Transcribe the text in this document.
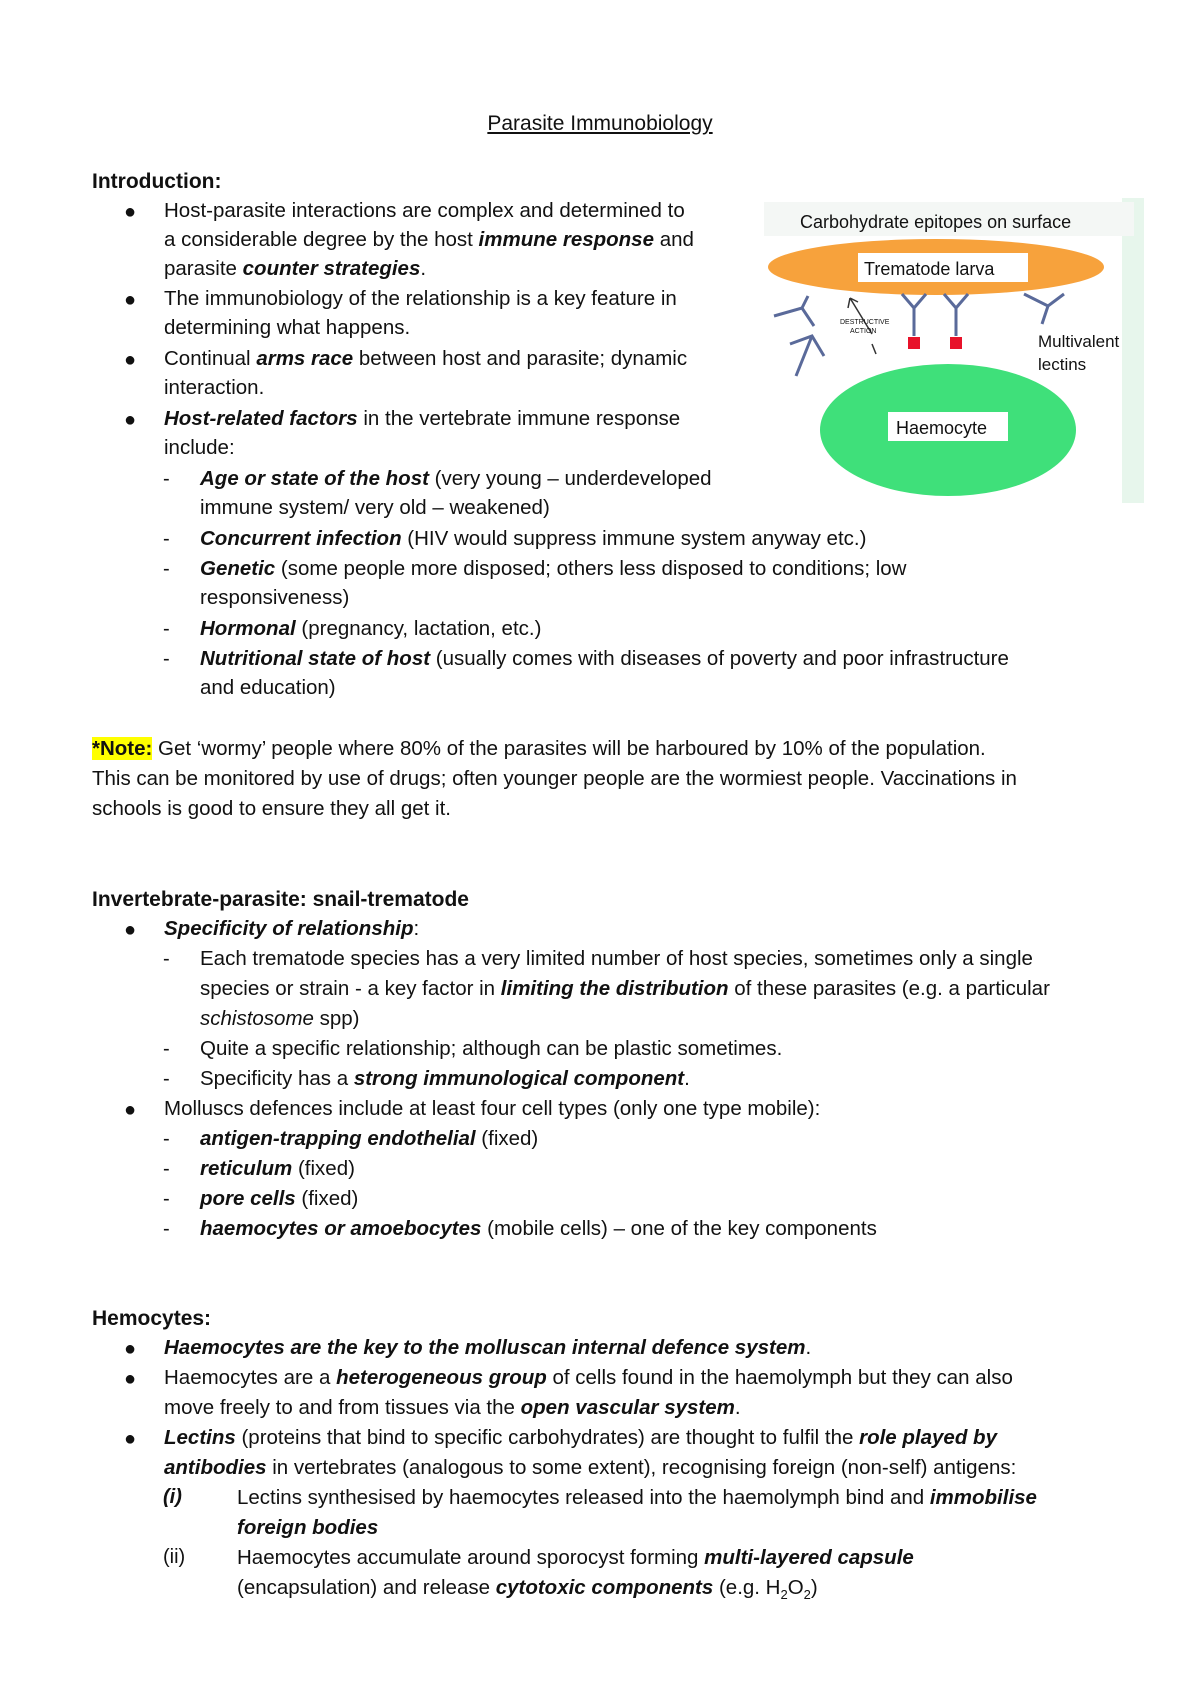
Parasite Immunobiology
Introduction:
● Host-parasite interactions are complex and determined to
a considerable degree by the host immune response and
parasite counter strategies.
● The immunobiology of the relationship is a key feature in
determining what happens.
● Continual arms race between host and parasite; dynamic
interaction.
● Host-related factors in the vertebrate immune response
include:
- Age or state of the host (very young – underdeveloped
immune system/ very old – weakened)
- Concurrent infection (HIV would suppress immune system anyway etc.)
- Genetic (some people more disposed; others less disposed to conditions; low
responsiveness)
- Hormonal (pregnancy, lactation, etc.)
- Nutritional state of host (usually comes with diseases of poverty and poor infrastructure
and education)
*Note: Get ‘wormy’ people where 80% of the parasites will be harboured by 10% of the population.
This can be monitored by use of drugs; often younger people are the wormiest people. Vaccinations in
schools is good to ensure they all get it.
Invertebrate-parasite: snail-trematode
● Specificity of relationship:
- Each trematode species has a very limited number of host species, sometimes only a single
species or strain - a key factor in limiting the distribution of these parasites (e.g. a particular
schistosome spp)
- Quite a specific relationship; although can be plastic sometimes.
- Specificity has a strong immunological component.
● Molluscs defences include at least four cell types (only one type mobile):
- antigen-trapping endothelial (fixed)
- reticulum (fixed)
- pore cells (fixed)
- haemocytes or amoebocytes (mobile cells) – one of the key components
Hemocytes:
● Haemocytes are the key to the molluscan internal defence system.
● Haemocytes are a heterogeneous group of cells found in the haemolymph but they can also
move freely to and from tissues via the open vascular system.
● Lectins (proteins that bind to specific carbohydrates) are thought to fulfil the role played by
antibodies in vertebrates (analogous to some extent), recognising foreign (non-self) antigens:
(i)	Lectins synthesised by haemocytes released into the haemolymph bind and immobilise
foreign bodies
(ii)	Haemocytes accumulate around sporocyst forming multi-layered capsule
(encapsulation) and release cytotoxic components (e.g. $H_2O_2$)
Carbohydrate epitopes on surface
Trematode larva
Haemocyte
DESTRUCTIVE
ACTION
Multivalent
lectins
